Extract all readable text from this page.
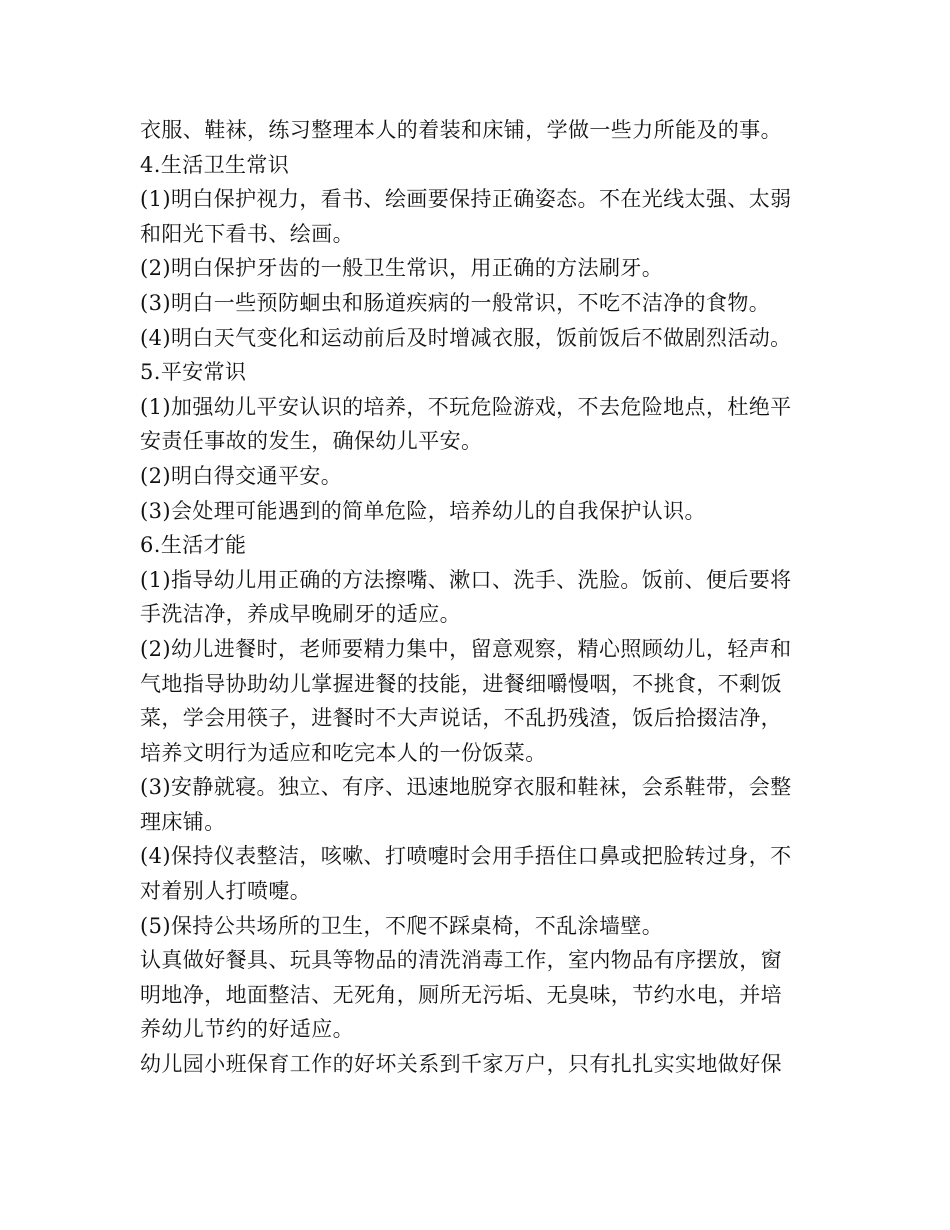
衣服、鞋袜，练习整理本人的着装和床铺，学做一些力所能及的事。
4.生活卫生常识
(1)明白保护视力，看书、绘画要保持正确姿态。不在光线太强、太弱
和阳光下看书、绘画。
(2)明白保护牙齿的一般卫生常识，用正确的方法刷牙。
(3)明白一些预防蛔虫和肠道疾病的一般常识，不吃不洁净的食物。
(4)明白天气变化和运动前后及时增减衣服，饭前饭后不做剧烈活动。
5.平安常识
(1)加强幼儿平安认识的培养，不玩危险游戏，不去危险地点，杜绝平
安责任事故的发生，确保幼儿平安。
(2)明白得交通平安。
(3)会处理可能遇到的简单危险，培养幼儿的自我保护认识。
6.生活才能
(1)指导幼儿用正确的方法擦嘴、漱口、洗手、洗脸。饭前、便后要将
手洗洁净，养成早晚刷牙的适应。
(2)幼儿进餐时，老师要精力集中，留意观察，精心照顾幼儿，轻声和
气地指导协助幼儿掌握进餐的技能，进餐细嚼慢咽，不挑食，不剩饭
菜，学会用筷子，进餐时不大声说话，不乱扔残渣，饭后拾掇洁净，
培养文明行为适应和吃完本人的一份饭菜。
(3)安静就寝。独立、有序、迅速地脱穿衣服和鞋袜，会系鞋带，会整
理床铺。
(4)保持仪表整洁，咳嗽、打喷嚏时会用手捂住口鼻或把脸转过身，不
对着别人打喷嚏。
(5)保持公共场所的卫生，不爬不踩桌椅，不乱涂墙壁。
认真做好餐具、玩具等物品的清洗消毒工作，室内物品有序摆放，窗
明地净，地面整洁、无死角，厕所无污垢、无臭味，节约水电，并培
养幼儿节约的好适应。
幼儿园小班保育工作的好坏关系到千家万户，只有扎扎实实地做好保
